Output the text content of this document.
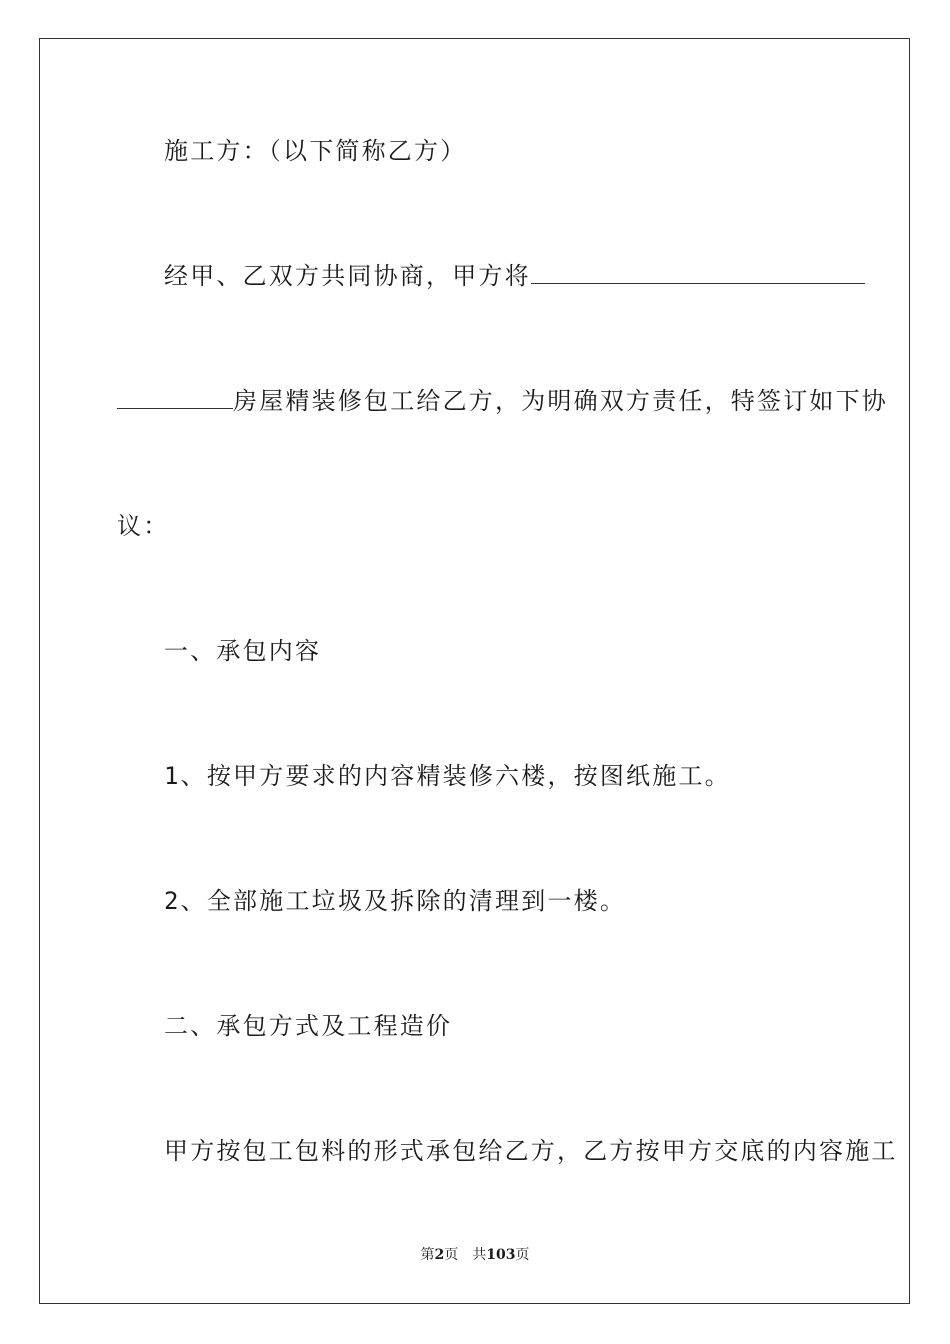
施工方：（以下简称乙方）
经甲、乙双方共同协商，甲方将
房屋精装修包工给乙方，为明确双方责任，特签订如下协
议：
一、承包内容
1、按甲方要求的内容精装修六楼，按图纸施工。
2、全部施工垃圾及拆除的清理到一楼。
二、承包方式及工程造价
甲方按包工包料的形式承包给乙方，乙方按甲方交底的内容施工
第2页 共103页
